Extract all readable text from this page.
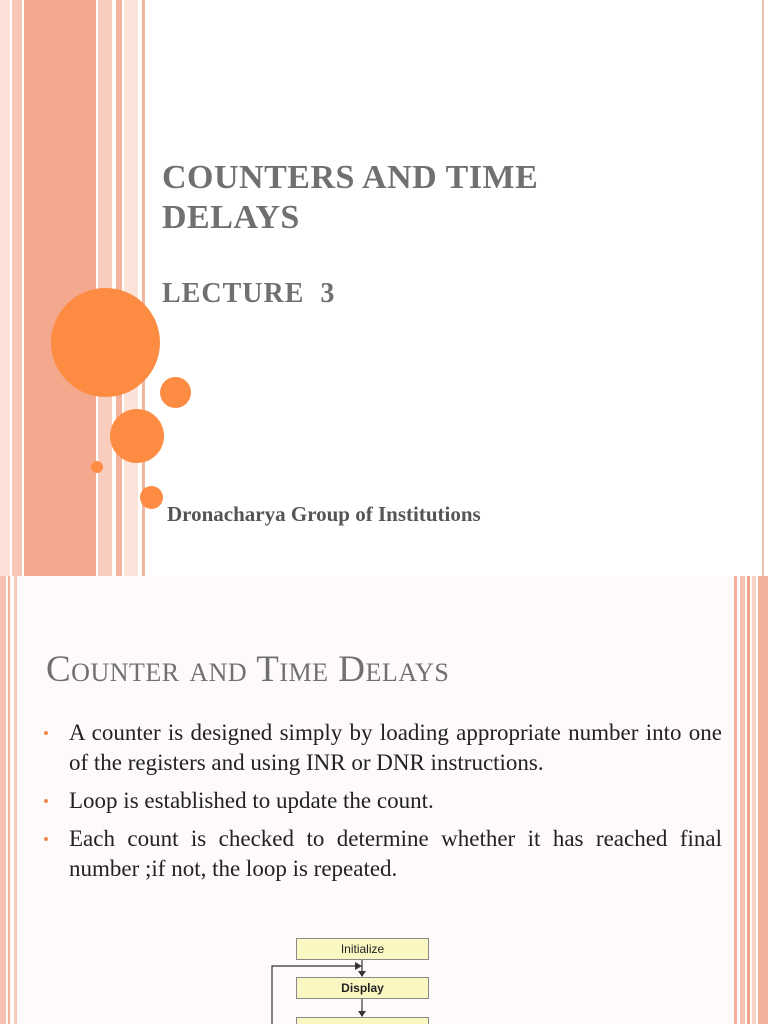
COUNTERS AND TIME DELAYS
LECTURE  3

Dronacharya Group of Institutions

Counter and Time Delays
A counter is designed simply by loading appropriate number into one of the registers and using INR or DNR instructions.
Loop is established to update the count.
Each count is checked to determine whether it has reached final number ;if not, the loop is repeated.
Initialize
Display
